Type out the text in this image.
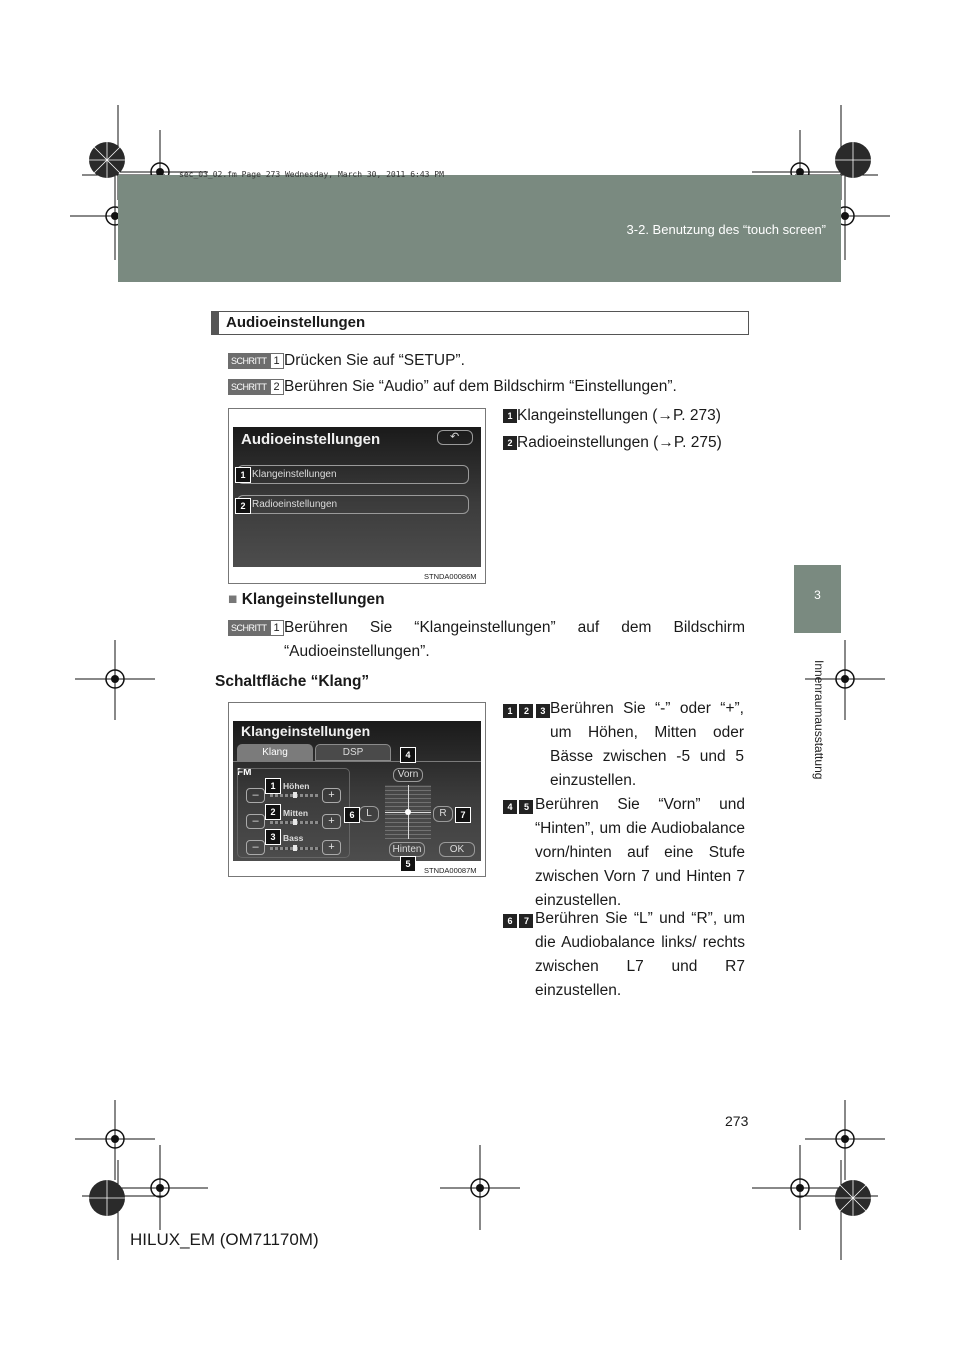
sec_03_02.fm Page 273 Wednesday, March 30, 2011 6:43 PM
3-2. Benutzung des “touch screen”
3
Innenraumausstattung
Audioeinstellungen
SCHRITT 1 Drücken Sie auf “SETUP”.
SCHRITT 2 Berühren Sie “Audio” auf dem Bildschirm “Einstellungen”.
Audioeinstellungen	↶
Klangeinstellungen
Radioeinstellungen
1
2
STNDA00086M
1 Klangeinstellungen (→P. 273)
2 Radioeinstellungen (→P. 275)
■ Klangeinstellungen
SCHRITT 1 Berühren Sie “Klangeinstellungen” auf dem Bildschirm “Audioeinstellungen”.
Schaltfläche “Klang”
Klangeinstellungen
Klang	DSP
FM
Höhen
–	+
Mitten
–	+
Bass
–	+
Vorn
L	R
Hinten	OK
1
2
3
4
6	7
5
STNDA00087M
1 2 3 Berühren Sie “-” oder “+”, um Höhen, Mitten oder Bässe zwischen -5 und 5 einzustellen.
4 5 Berühren Sie “Vorn” und “Hinten”, um die Audiobalance vorn/hinten auf eine Stufe zwischen Vorn 7 und Hinten 7 einzustellen.
6 7 Berühren Sie “L” und “R”, um die Audiobalance links/ rechts zwischen L7 und R7 einzustellen.
273
HILUX_EM (OM71170M)
